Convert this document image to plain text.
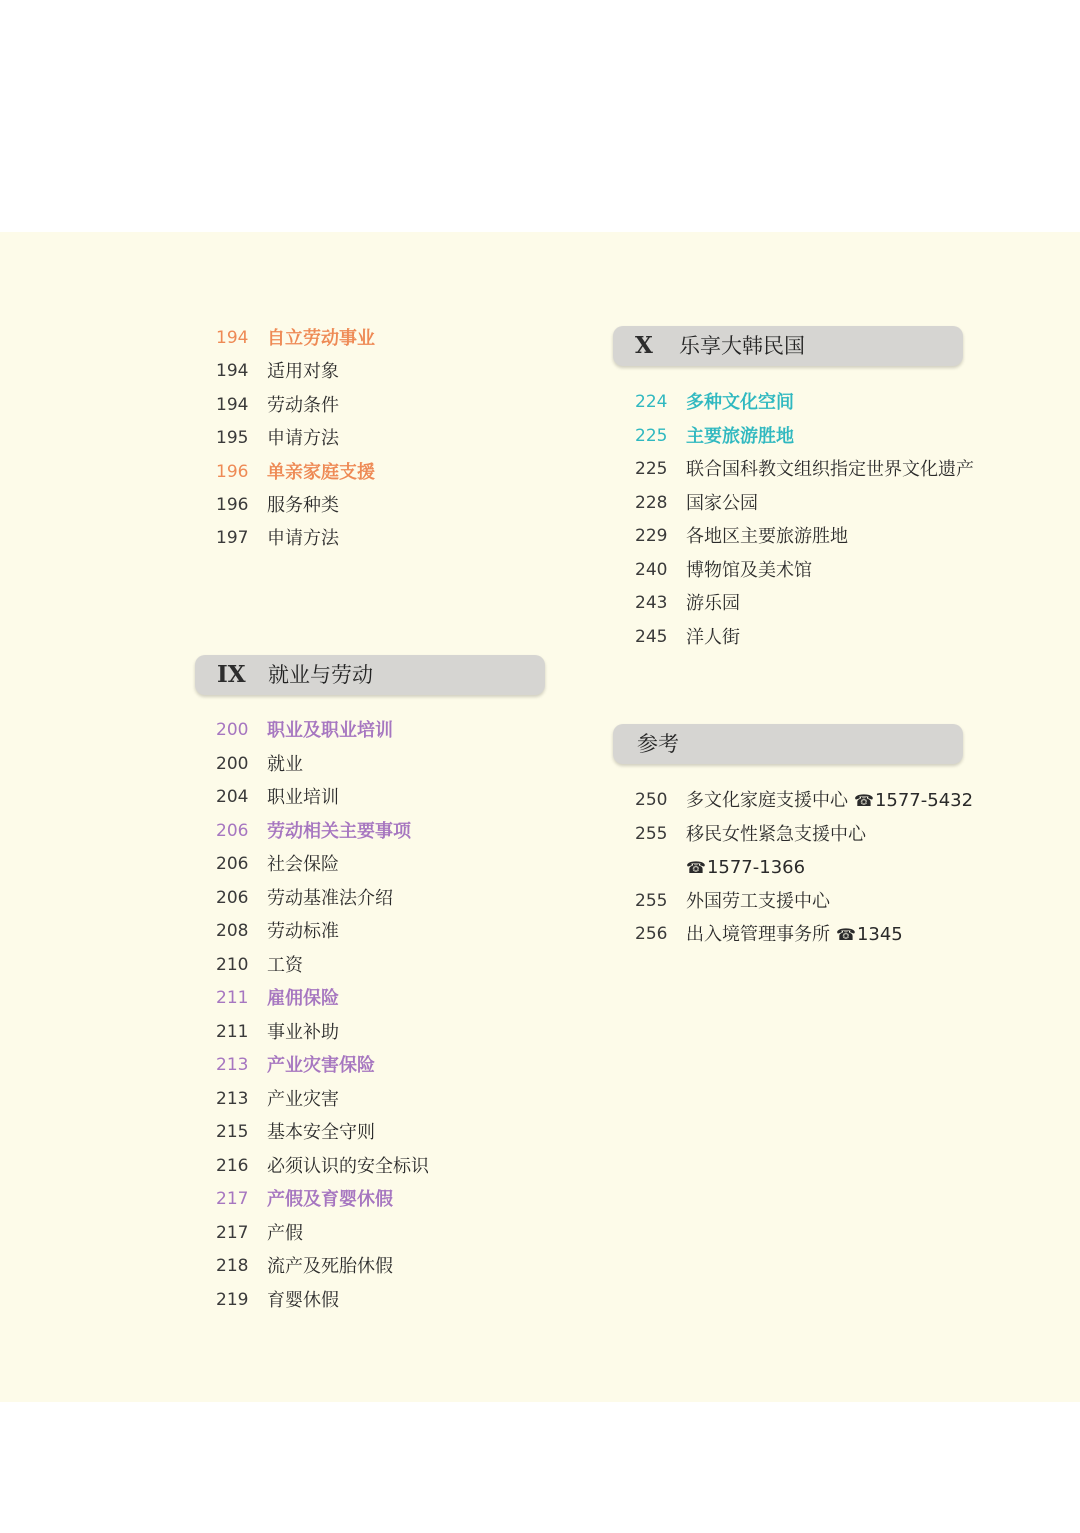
194	自立劳动事业
194	适用对象
194	劳动条件
195	申请方法
196	单亲家庭支援
196	服务种类
197	申请方法
IX 就业与劳动
200	职业及职业培训
200	就业
204	职业培训
206	劳动相关主要事项
206	社会保险
206	劳动基准法介绍
208	劳动标准
210	工资
211	雇佣保险
211	事业补助
213	产业灾害保险
213	产业灾害
215	基本安全守则
216	必须认识的安全标识
217	产假及育婴休假
217	产假
218	流产及死胎休假
219	育婴休假
X 乐享大韩民国
224	多种文化空间
225	主要旅游胜地
225	联合国科教文组织指定世界文化遗产
228	国家公园
229	各地区主要旅游胜地
240	博物馆及美术馆
243	游乐园
245	洋人街
参考
250	多文化家庭支援中心 ☎1577-5432
255	移民女性紧急支援中心
☎1577-1366
255	外国劳工支援中心
256	出入境管理事务所 ☎1345
